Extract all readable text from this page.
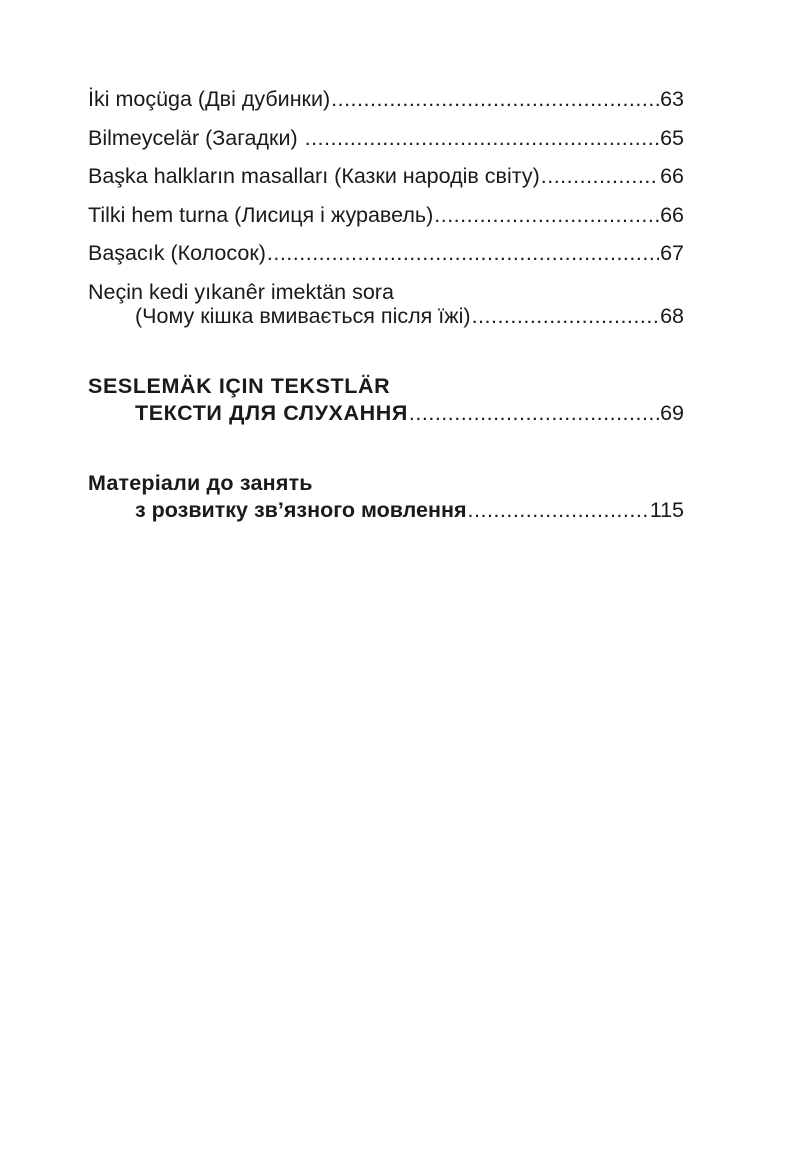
İki moçüga (Дві дубинки) .....	63
Bilmeycelär (Загадки) .....	65
Başka halkların masalları (Казки народів світу) .....	66
Tilki hem turna (Лисиця і журавель) .....	66
Başacık (Колосок) .....	67
Neçin kedi yıkanêr imektän sora
(Чому кішка вмивається після їжі) .....	68
SESLEMÄK IÇIN TEKSTLÄR
ТЕКСТИ ДЛЯ СЛУХАННЯ .....	69
Матеріали до занять
з розвитку зв’язного мовлення .....	115
